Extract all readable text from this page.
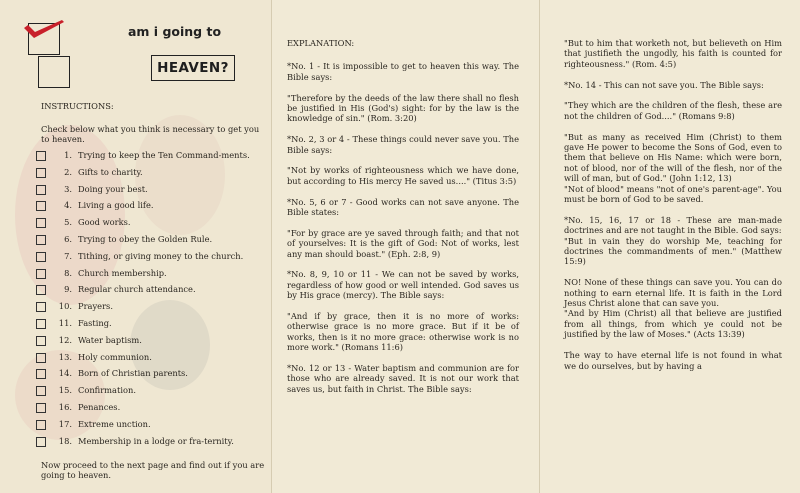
am i going to
HEAVEN?
INSTRUCTIONS:
Check below what you think is necessary to get you to heaven.
1. Trying to keep the Ten Command-ments.
2. Gifts to charity.
3. Doing your best.
4. Living a good life.
5. Good works.
6. Trying to obey the Golden Rule.
7. Tithing, or giving money to the church.
8. Church membership.
9. Regular church attendance.
10. Prayers.
11. Fasting.
12. Water baptism.
13. Holy communion.
14. Born of Christian parents.
15. Confirmation.
16. Penances.
17. Extreme unction.
18. Membership in a lodge or fra-ternity.
Now proceed to the next page and find out if you are going to heaven.

EXPLANATION:

*No. 1 - It is impossible to get to heaven this way. The Bible says:

"Therefore by the deeds of the law there shall no flesh be justified in His (God's) sight: for by the law is the knowledge of sin." (Rom. 3:20)

*No. 2, 3 or 4 - These things could never save you. The Bible says:

"Not by works of righteousness which we have done, but according to His mercy He saved us...." (Titus 3:5)

*No. 5, 6 or 7 - Good works can not save anyone. The Bible states:

"For by grace are ye saved through faith; and that not of yourselves: It is the gift of God: Not of works, lest any man should boast." (Eph. 2:8, 9)

*No. 8, 9, 10 or 11 - We can not be saved by works, regardless of how good or well intended. God saves us by His grace (mercy). The Bible says:

"And if by grace, then it is no more of works: otherwise grace is no more grace. But if it be of works, then is it no more grace: otherwise work is no more work." (Romans 11:6)

*No. 12 or 13 - Water baptism and communion are for those who are already saved. It is not our work that saves us, but faith in Christ. The Bible says:

"But to him that worketh not, but believeth on Him that justifieth the ungodly, his faith is counted for righteousness." (Rom. 4:5)

*No. 14 - This can not save you. The Bible says:

"They which are the children of the flesh, these are not the children of God...." (Romans 9:8)

"But as many as received Him (Christ) to them gave He power to become the Sons of God, even to them that believe on His Name: which were born, not of blood, nor of the will of the flesh, nor of the will of man, but of God." (John 1:12, 13)

"Not of blood" means "not of one's parent-age". You must be born of God to be saved.

*No. 15, 16, 17 or 18 - These are man-made doctrines and are not taught in the Bible. God says:

"But in vain they do worship Me, teaching for doctrines the commandments of men." (Matthew 15:9)

NO! None of these things can save you. You can do nothing to earn eternal life. It is faith in the Lord Jesus Christ alone that can save you.

"And by Him (Christ) all that believe are justified from all things, from which ye could not be justified by the law of Moses." (Acts 13:39)

The way to have eternal life is not found in what we do ourselves, but by having a
